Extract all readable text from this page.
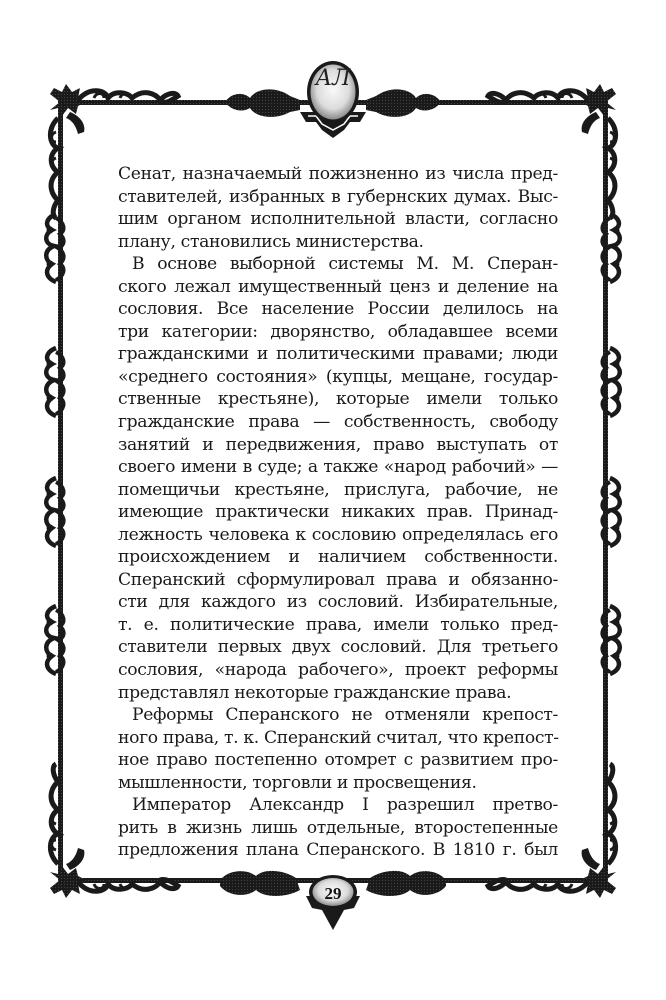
АЛ
Сенат, назначаемый пожизненно из числа пред-
ставителей, избранных в губернских думах. Выс-
шим органом исполнительной власти, согласно
плану, становились министерства.
В основе выборной системы М. М. Сперан-
ского лежал имущественный ценз и деление на
сословия. Все население России делилось на
три категории: дворянство, обладавшее всеми
гражданскими и политическими правами; люди
«среднего состояния» (купцы, мещане, государ-
ственные крестьяне), которые имели только
гражданские права — собственность, свободу
занятий и передвижения, право выступать от
своего имени в суде; а также «народ рабочий» —
помещичьи крестьяне, прислуга, рабочие, не
имеющие практически никаких прав. Принад-
лежность человека к сословию определялась его
происхождением и наличием собственности.
Сперанский сформулировал права и обязанно-
сти для каждого из сословий. Избирательные,
т. е. политические права, имели только пред-
ставители первых двух сословий. Для третьего
сословия, «народа рабочего», проект реформы
представлял некоторые гражданские права.
Реформы Сперанского не отменяли крепост-
ного права, т. к. Сперанский считал, что крепост-
ное право постепенно отомрет с развитием про-
мышленности, торговли и просвещения.
Император Александр I разрешил претво-
рить в жизнь лишь отдельные, второстепенные
предложения плана Сперанского. В 1810 г. был
29
